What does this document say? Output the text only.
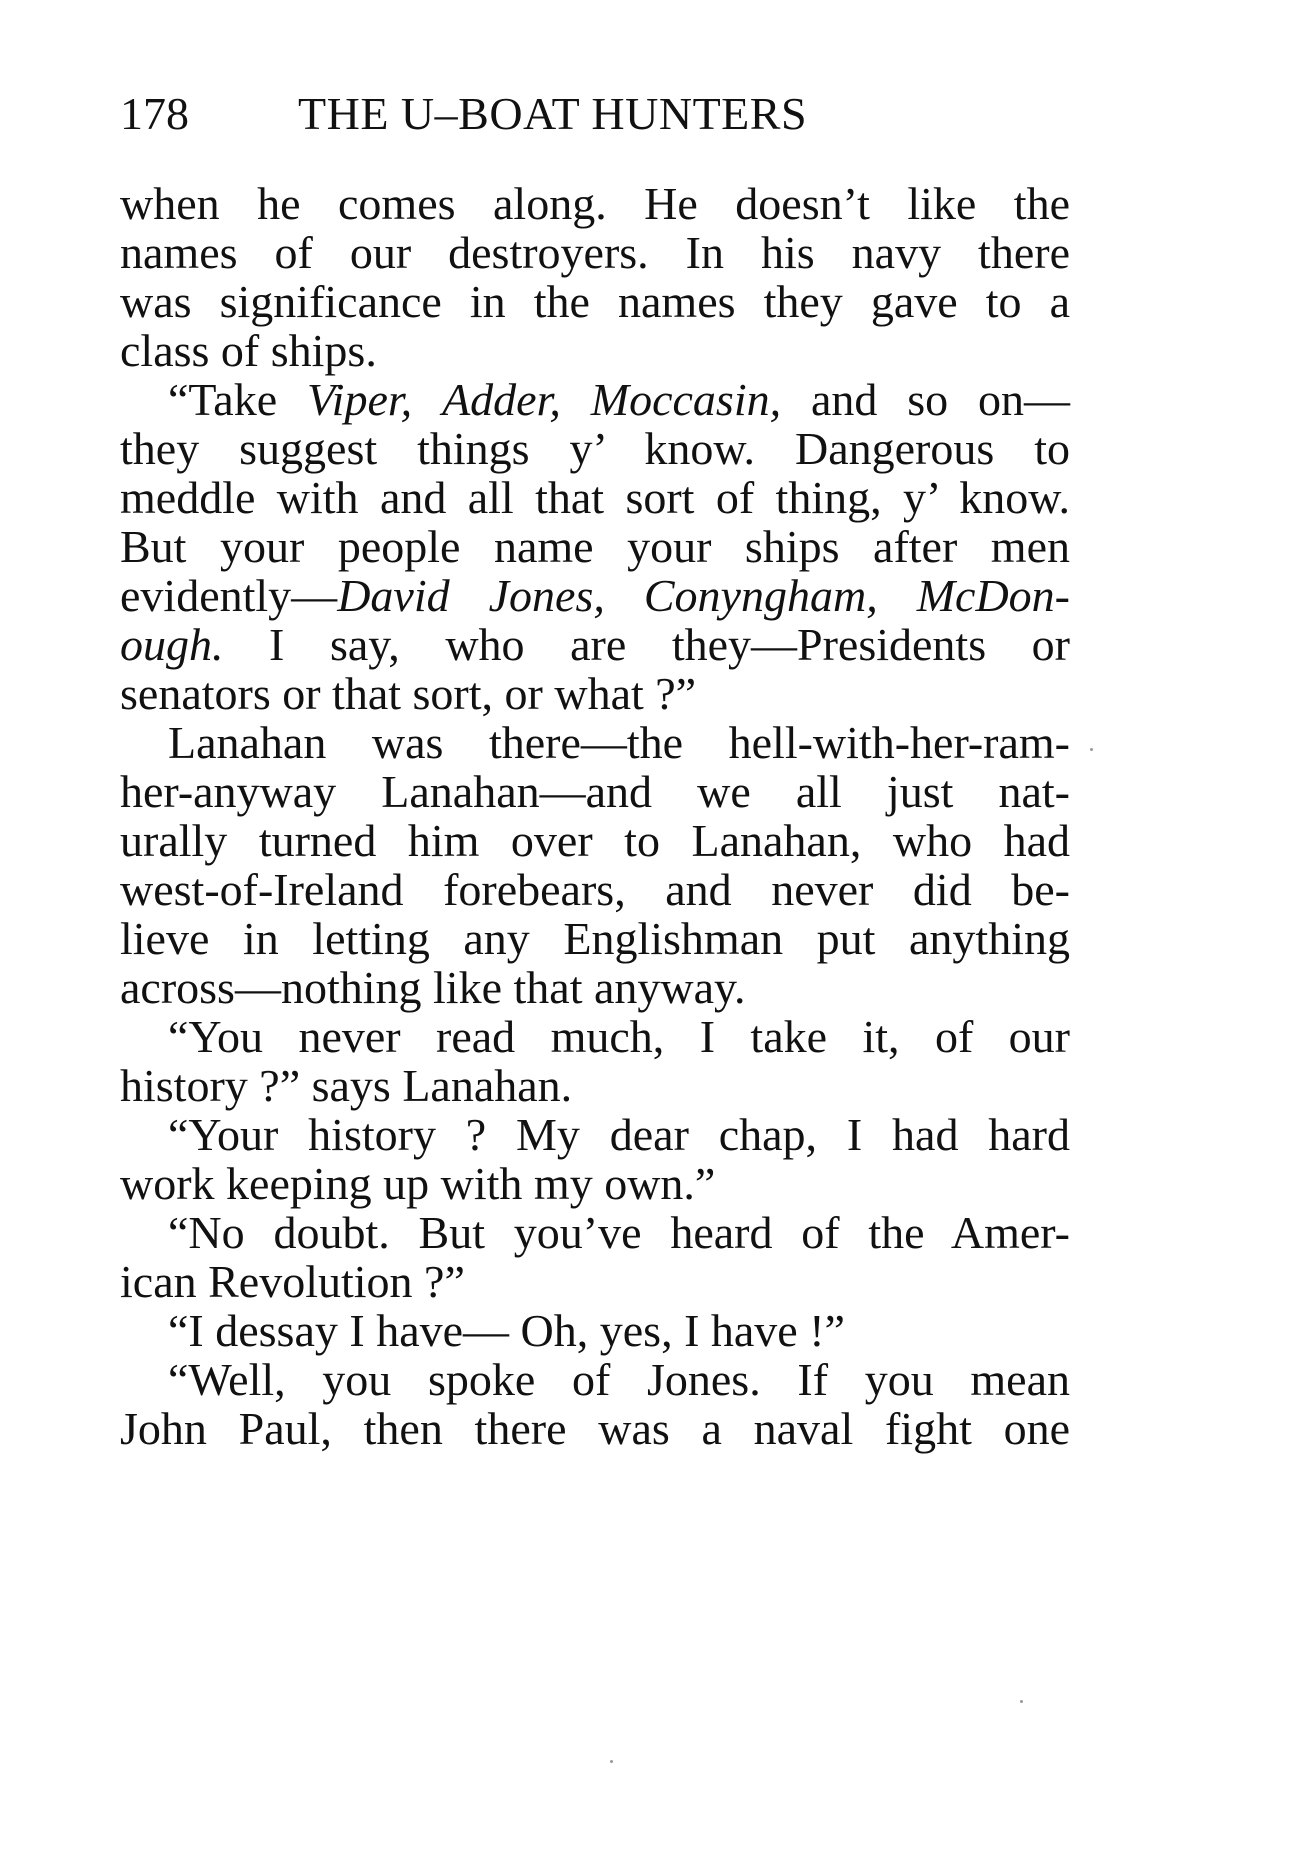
178 THE U–BOAT HUNTERS
when he comes along. He doesn’t like the
names of our destroyers. In his navy there
was significance in the names they gave to a
class of ships.
“Take Viper, Adder, Moccasin, and so on—
they suggest things y’ know. Dangerous to
meddle with and all that sort of thing, y’ know.
But your people name your ships after men
evidently—David Jones, Conyngham, McDon-
ough. I say, who are they—Presidents or
senators or that sort, or what ?”
Lanahan was there—the hell-with-her-ram-
her-anyway Lanahan—and we all just nat-
urally turned him over to Lanahan, who had
west-of-Ireland forebears, and never did be-
lieve in letting any Englishman put anything
across—nothing like that anyway.
“You never read much, I take it, of our
history ?” says Lanahan.
“Your history ? My dear chap, I had hard
work keeping up with my own.”
“No doubt. But you’ve heard of the Amer-
ican Revolution ?”
“I dessay I have— Oh, yes, I have !”
“Well, you spoke of Jones. If you mean
John Paul, then there was a naval fight one
